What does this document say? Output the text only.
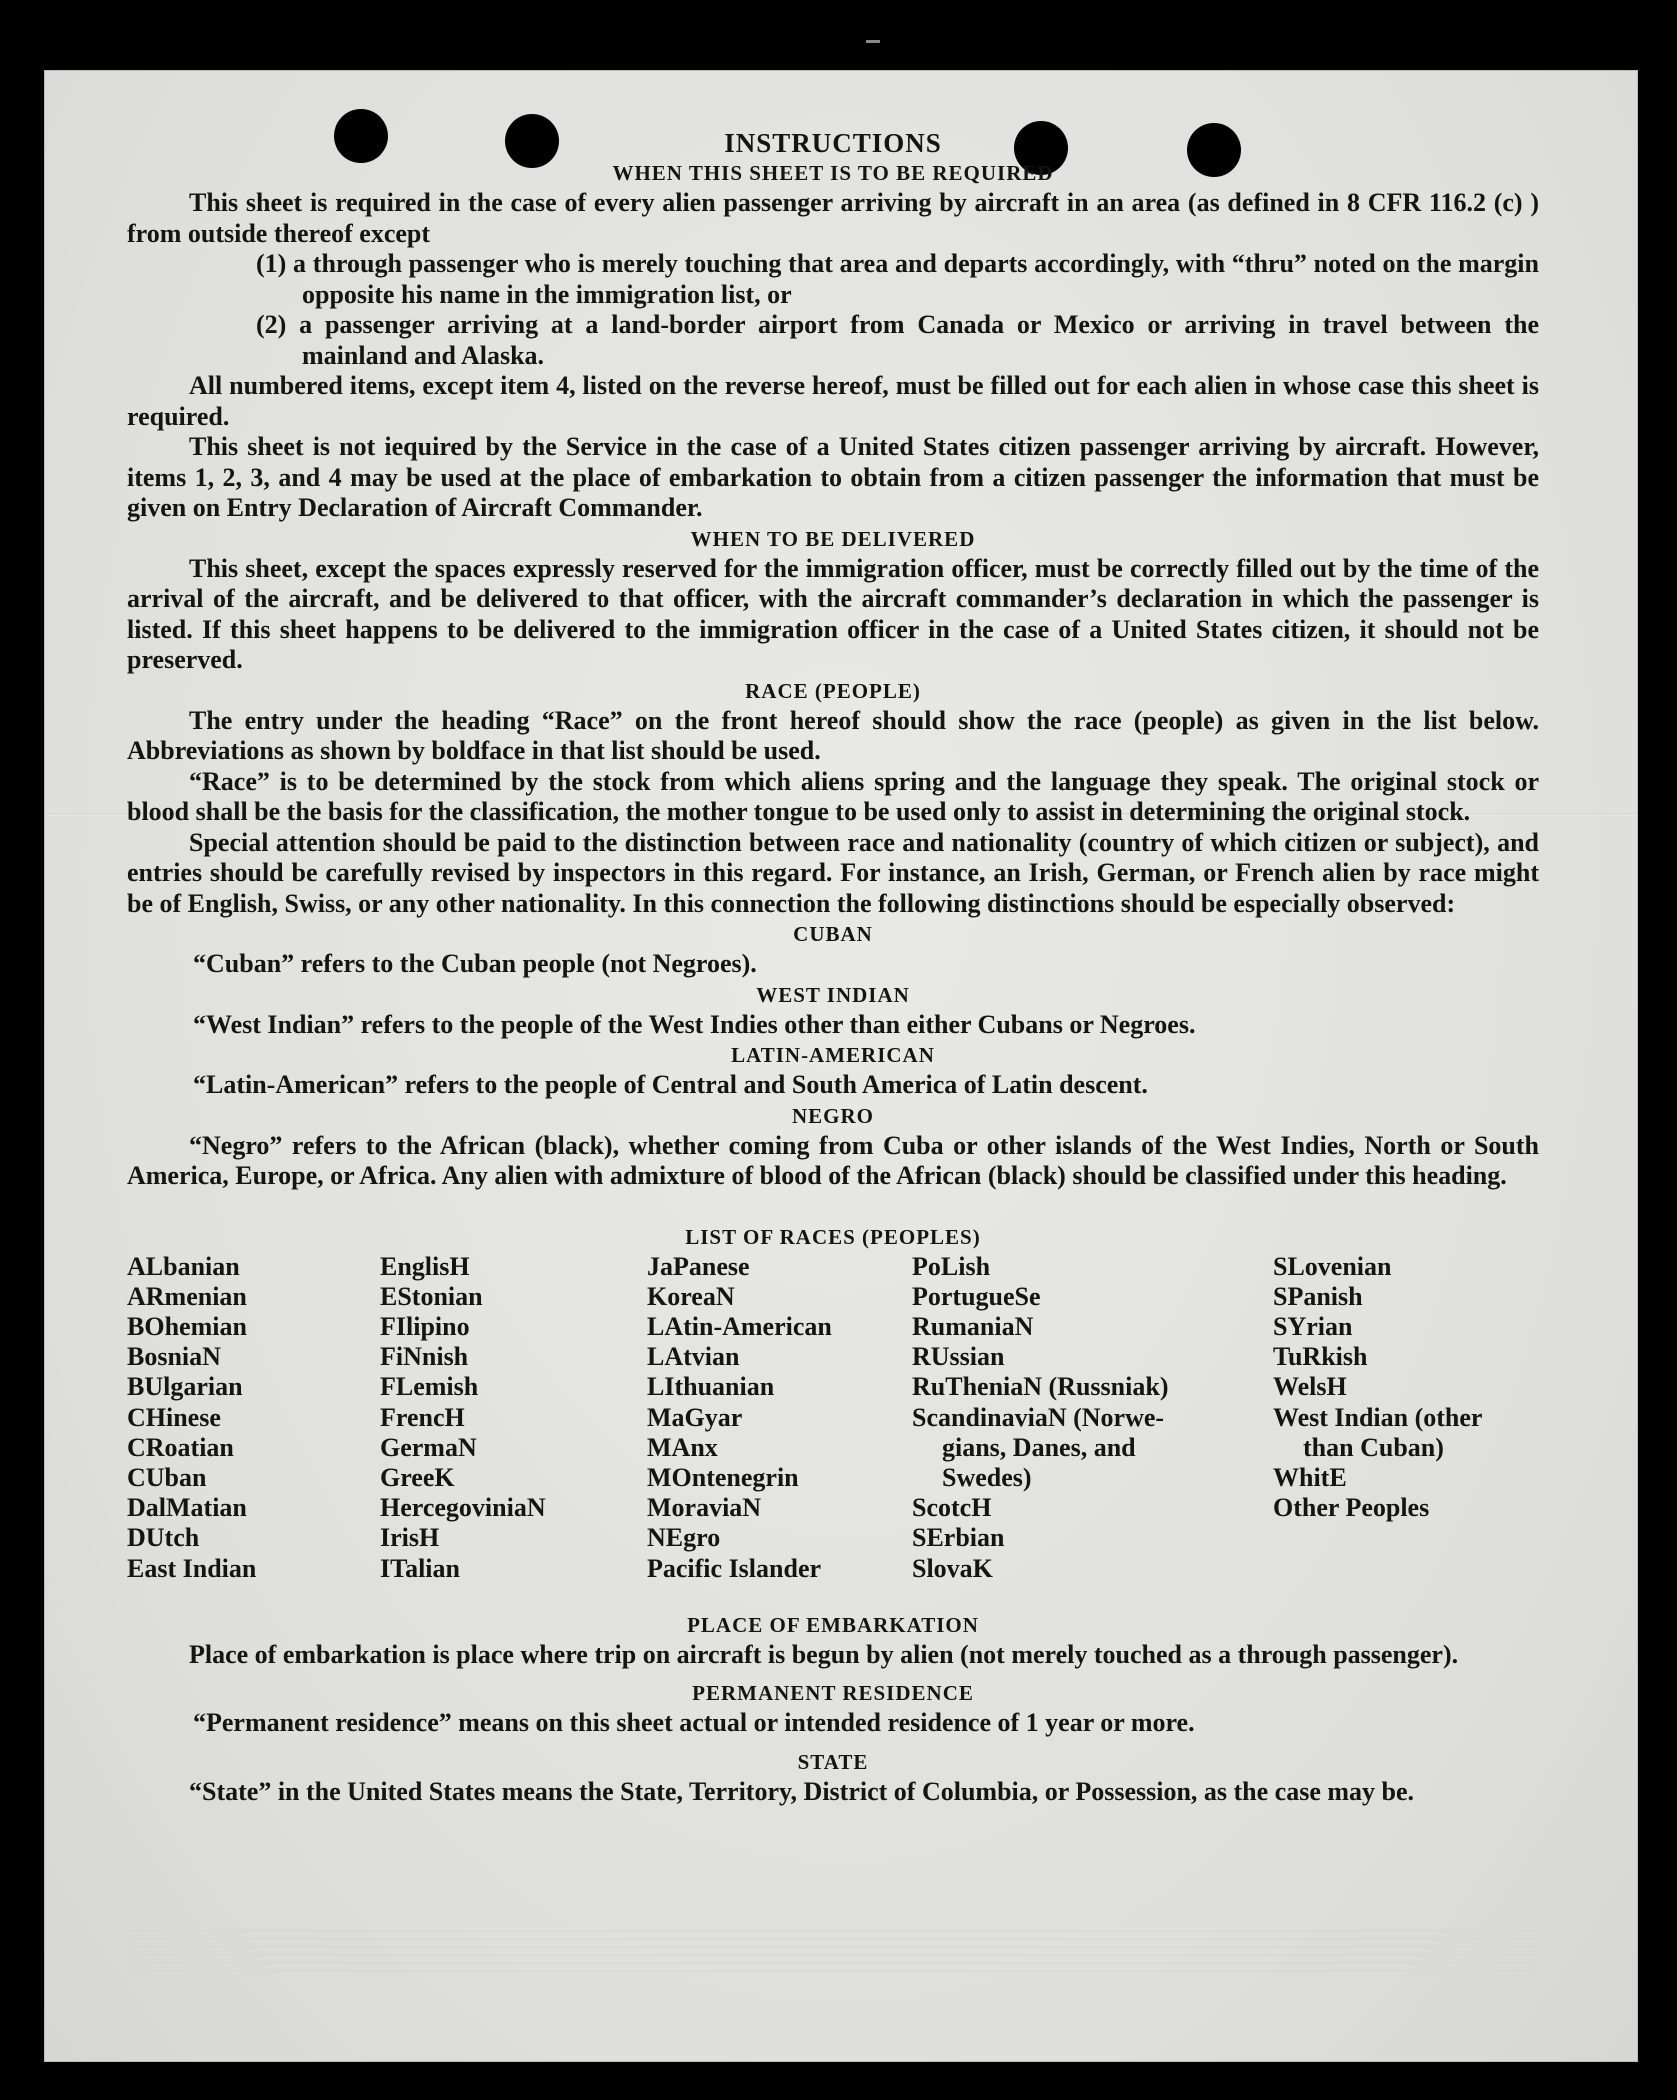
INSTRUCTIONS
WHEN THIS SHEET IS TO BE REQUIRED

This sheet is required in the case of every alien passenger arriving by aircraft in an area (as defined in 8 CFR 116.2 (c) ) from outside thereof except

(1) a through passenger who is merely touching that area and departs accordingly, with “thru” noted on the margin opposite his name in the immigration list, or
(2) a passenger arriving at a land-border airport from Canada or Mexico or arriving in travel between the mainland and Alaska.

All numbered items, except item 4, listed on the reverse hereof, must be filled out for each alien in whose case this sheet is required.

This sheet is not iequired by the Service in the case of a United States citizen passenger arriving by aircraft. However, items 1, 2, 3, and 4 may be used at the place of embarkation to obtain from a citizen passenger the information that must be given on Entry Declaration of Aircraft Commander.

WHEN TO BE DELIVERED

This sheet, except the spaces expressly reserved for the immigration officer, must be correctly filled out by the time of the arrival of the aircraft, and be delivered to that officer, with the aircraft commander’s declaration in which the passenger is listed. If this sheet happens to be delivered to the immigration officer in the case of a United States citizen, it should not be preserved.

RACE (PEOPLE)

The entry under the heading “Race” on the front hereof should show the race (people) as given in the list below. Abbreviations as shown by boldface in that list should be used.

“Race” is to be determined by the stock from which aliens spring and the language they speak. The original stock or blood shall be the basis for the classification, the mother tongue to be used only to assist in determining the original stock.

Special attention should be paid to the distinction between race and nationality (country of which citizen or subject), and entries should be carefully revised by inspectors in this regard. For instance, an Irish, German, or French alien by race might be of English, Swiss, or any other nationality. In this connection the following distinctions should be especially observed:

CUBAN
“Cuban” refers to the Cuban people (not Negroes).
WEST INDIAN
“West Indian” refers to the people of the West Indies other than either Cubans or Negroes.
LATIN-AMERICAN
“Latin-American” refers to the people of Central and South America of Latin descent.
NEGRO

“Negro” refers to the African (black), whether coming from Cuba or other islands of the West Indies, North or South America, Europe, or Africa. Any alien with admixture of blood of the African (black) should be classified under this heading.

LIST OF RACES (PEOPLES)
ALbanian
ARmenian
BOhemian
BosniaN
BUlgarian
CHinese
CRoatian
CUban
DalMatian
DUtch
East Indian
EnglisH
EStonian
FIlipino
FiNnish
FLemish
FrencH
GermaN
GreeK
HercegoviniaN
IrisH
ITalian
JaPanese
KoreaN
LAtin-American
LAtvian
LIthuanian
MaGyar
MAnx
MOntenegrin
MoraviaN
NEgro
Pacific Islander
PoLish
PortugueSe
RumaniaN
RUssian
RuTheniaN (Russniak)
ScandinaviaN (Norwe-
gians, Danes, and
Swedes)
ScotcH
SErbian
SlovaK
SLovenian
SPanish
SYrian
TuRkish
WelsH
West Indian (other
than Cuban)
WhitE
Other Peoples
PLACE OF EMBARKATION

Place of embarkation is place where trip on aircraft is begun by alien (not merely touched as a through passenger).

PERMANENT RESIDENCE
“Permanent residence” means on this sheet actual or intended residence of 1 year or more.
STATE

“State” in the United States means the State, Territory, District of Columbia, or Possession, as the case may be.
